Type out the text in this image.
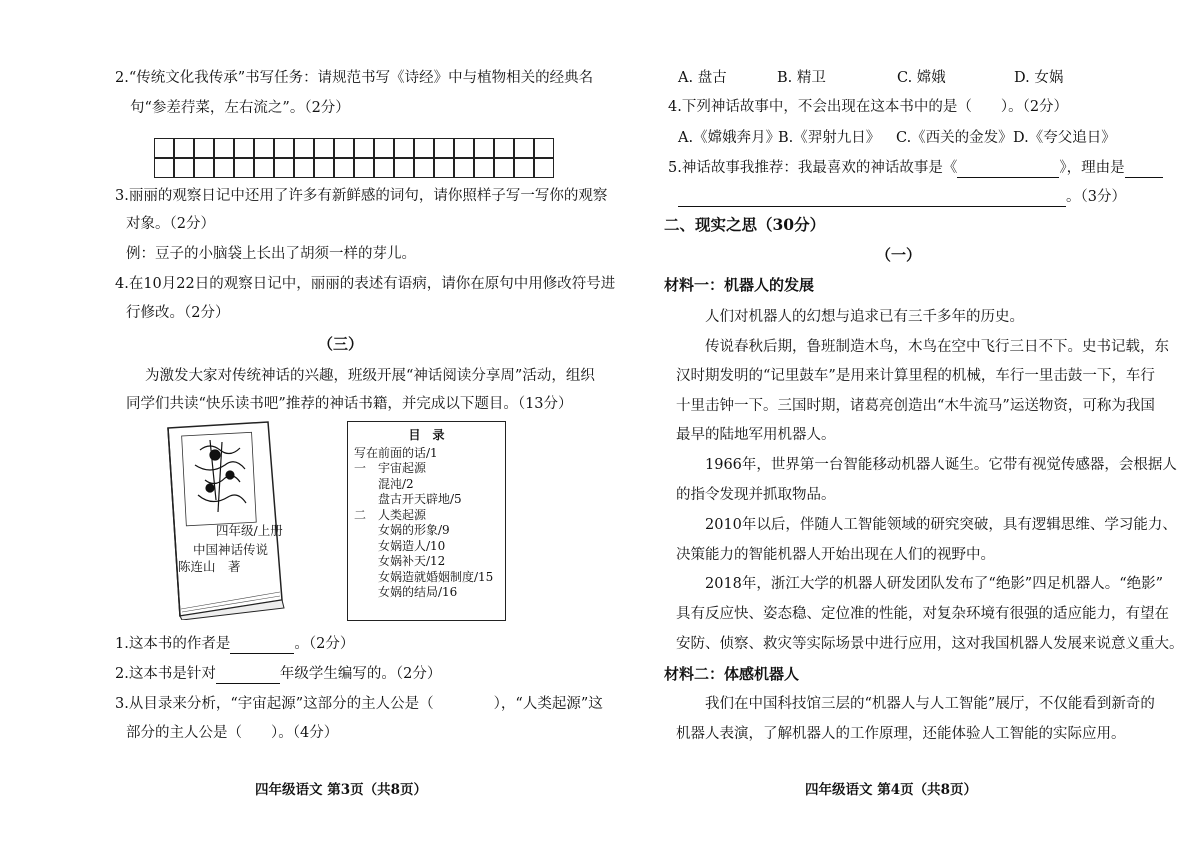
2.“传统文化我传承”书写任务：请规范书写《诗经》中与植物相关的经典名
句“参差荇菜，左右流之”。（2分）
3.丽丽的观察日记中还用了许多有新鲜感的词句，请你照样子写一写你的观察
对象。（2分）
例：豆子的小脑袋上长出了胡须一样的芽儿。
4.在10月22日的观察日记中，丽丽的表述有语病，请你在原句中用修改符号进
行修改。（2分）
（三）
为激发大家对传统神话的兴趣，班级开展“神话阅读分享周”活动，组织
同学们共读“快乐读书吧”推荐的神话书籍，并完成以下题目。（13分）
四年级/上册
中国神话传说
陈连山　著
目　录
写在前面的话/1
一　宇宙起源
混沌/2
盘古开天辟地/5
二　人类起源
女娲的形象/9
女娲造人/10
女娲补天/12
女娲造就婚姻制度/15
女娲的结局/16
1.这本书的作者是	。（2分）
2.这本书是针对	年级学生编写的。（2分）
3.从目录来分析，“宇宙起源”这部分的主人公是（	），“人类起源”这
部分的主人公是（　　）。（4分）
四年级语文 第3页（共8页）
A. 盘古	B. 精卫	C. 嫦娥	D. 女娲
4.下列神话故事中，不会出现在这本书中的是（　　）。（2分）
A.《嫦娥奔月》
B.《羿射九日》 C.《西关的金发》 D.《夸父追日》
5.神话故事我推荐：我最喜欢的神话故事是《	》，理由是
。（3分）
二、现实之思（30分）
（一）
材料一：机器人的发展
人们对机器人的幻想与追求已有三千多年的历史。
传说春秋后期，鲁班制造木鸟，木鸟在空中飞行三日不下。史书记载，东
汉时期发明的“记里鼓车”是用来计算里程的机械，车行一里击鼓一下，车行
十里击钟一下。三国时期，诸葛亮创造出“木牛流马”运送物资，可称为我国
最早的陆地军用机器人。
1966年，世界第一台智能移动机器人诞生。它带有视觉传感器，会根据人
的指令发现并抓取物品。
2010年以后，伴随人工智能领域的研究突破，具有逻辑思维、学习能力、
决策能力的智能机器人开始出现在人们的视野中。
2018年，浙江大学的机器人研发团队发布了“绝影”四足机器人。“绝影”
具有反应快、姿态稳、定位准的性能，对复杂环境有很强的适应能力，有望在
安防、侦察、救灾等实际场景中进行应用，这对我国机器人发展来说意义重大。
材料二：体感机器人
我们在中国科技馆三层的“机器人与人工智能”展厅，不仅能看到新奇的
机器人表演，了解机器人的工作原理，还能体验人工智能的实际应用。
四年级语文 第4页（共8页）
